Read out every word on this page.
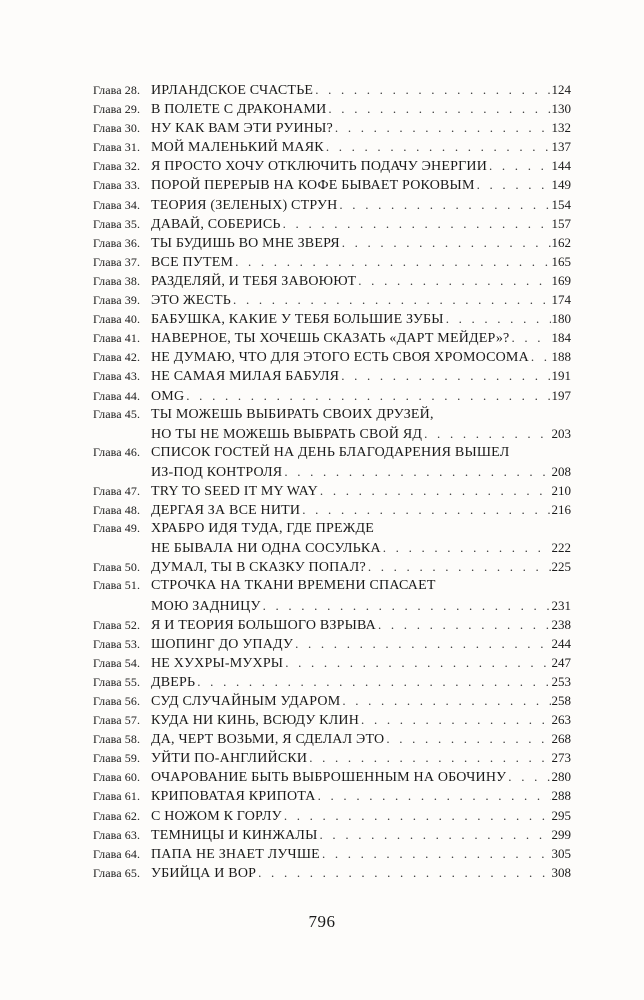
Глава 28. ИРЛАНДСКОЕ СЧАСТЬЕ . . .	124
Глава 29. В ПОЛЕТЕ С ДРАКОНАМИ . . .	130
Глава 30. НУ КАК ВАМ ЭТИ РУИНЫ? . . .	132
Глава 31. МОЙ МАЛЕНЬКИЙ МАЯК . . .	137
Глава 32. Я ПРОСТО ХОЧУ ОТКЛЮЧИТЬ ПОДАЧУ ЭНЕРГИИ . . .	144
Глава 33. ПОРОЙ ПЕРЕРЫВ НА КОФЕ БЫВАЕТ РОКОВЫМ . . .	149
Глава 34. ТЕОРИЯ (ЗЕЛЕНЫХ) СТРУН . . .	154
Глава 35. ДАВАЙ, СОБЕРИСЬ . . .	157
Глава 36. ТЫ БУДИШЬ ВО МНЕ ЗВЕРЯ . . .	162
Глава 37. ВСЕ ПУТЕМ . . .	165
Глава 38. РАЗДЕЛЯЙ, И ТЕБЯ ЗАВОЮЮТ . . .	169
Глава 39. ЭТО ЖЕСТЬ . . .	174
Глава 40. БАБУШКА, КАКИЕ У ТЕБЯ БОЛЬШИЕ ЗУБЫ . . .	180
Глава 41. НАВЕРНОЕ, ТЫ ХОЧЕШЬ СКАЗАТЬ «ДАРТ МЕЙДЕР»? . . .	184
Глава 42. НЕ ДУМАЮ, ЧТО ДЛЯ ЭТОГО ЕСТЬ СВОЯ ХРОМОСОМА . . . 188
Глава 43. НЕ САМАЯ МИЛАЯ БАБУЛЯ . . .	191
Глава 44. OMG . . .	197
Глава 45. ТЫ МОЖЕШЬ ВЫБИРАТЬ СВОИХ ДРУЗЕЙ,
НО ТЫ НЕ МОЖЕШЬ ВЫБРАТЬ СВОЙ ЯД . . .	203
Глава 46. СПИСОК ГОСТЕЙ НА ДЕНЬ БЛАГОДАРЕНИЯ ВЫШЕЛ
ИЗ-ПОД КОНТРОЛЯ . . .	208
Глава 47. TRY TO SEED IT MY WAY . . .	210
Глава 48. ДЕРГАЯ ЗА ВСЕ НИТИ . . .	216
Глава 49. ХРАБРО ИДЯ ТУДА, ГДЕ ПРЕЖДЕ
НЕ БЫВАЛА НИ ОДНА СОСУЛЬКА . . .	222
Глава 50. ДУМАЛ, ТЫ В СКАЗКУ ПОПАЛ? . . .	225
Глава 51. СТРОЧКА НА ТКАНИ ВРЕМЕНИ СПАСАЕТ
МОЮ ЗАДНИЦУ . . .	231
Глава 52. Я И ТЕОРИЯ БОЛЬШОГО ВЗРЫВА . . .	238
Глава 53. ШОПИНГ ДО УПАДУ . . .	244
Глава 54. НЕ ХУХРЫ-МУХРЫ . . .	247
Глава 55. ДВЕРЬ . . .	253
Глава 56. СУД СЛУЧАЙНЫМ УДАРОМ . . .	258
Глава 57. КУДА НИ КИНЬ, ВСЮДУ КЛИН . . .	263
Глава 58. ДА, ЧЕРТ ВОЗЬМИ, Я СДЕЛАЛ ЭТО . . .	268
Глава 59. УЙТИ ПО-АНГЛИЙСКИ . . .	273
Глава 60. ОЧАРОВАНИЕ БЫТЬ ВЫБРОШЕННЫМ НА ОБОЧИНУ . . .	280
Глава 61. КРИПОВАТАЯ КРИПОТА . . .	288
Глава 62. С НОЖОМ К ГОРЛУ . . .	295
Глава 63. ТЕМНИЦЫ И КИНЖАЛЫ . . .	299
Глава 64. ПАПА НЕ ЗНАЕТ ЛУЧШЕ . . .	305
Глава 65. УБИЙЦА И ВОР . . .	308
796
